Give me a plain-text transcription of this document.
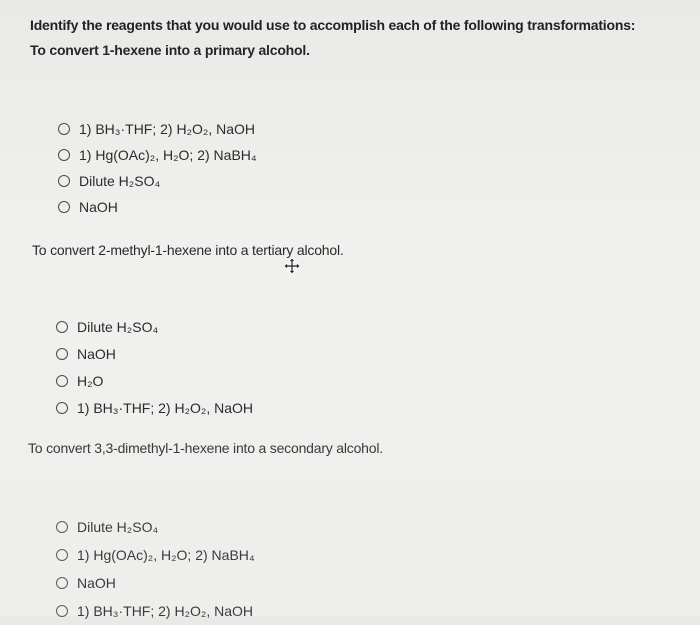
Identify the reagents that you would use to accomplish each of the following transformations:
To convert 1-hexene into a primary alcohol.
1) BH₃·THF; 2) H₂O₂, NaOH
1) Hg(OAc)₂, H₂O; 2) NaBH₄
Dilute H₂SO₄
NaOH
To convert 2-methyl-1-hexene into a tertiary alcohol.
Dilute H₂SO₄
NaOH
H₂O
1) BH₃·THF; 2) H₂O₂, NaOH
To convert 3,3-dimethyl-1-hexene into a secondary alcohol.
Dilute H₂SO₄
1) Hg(OAc)₂, H₂O; 2) NaBH₄
NaOH
1) BH₃·THF; 2) H₂O₂, NaOH
